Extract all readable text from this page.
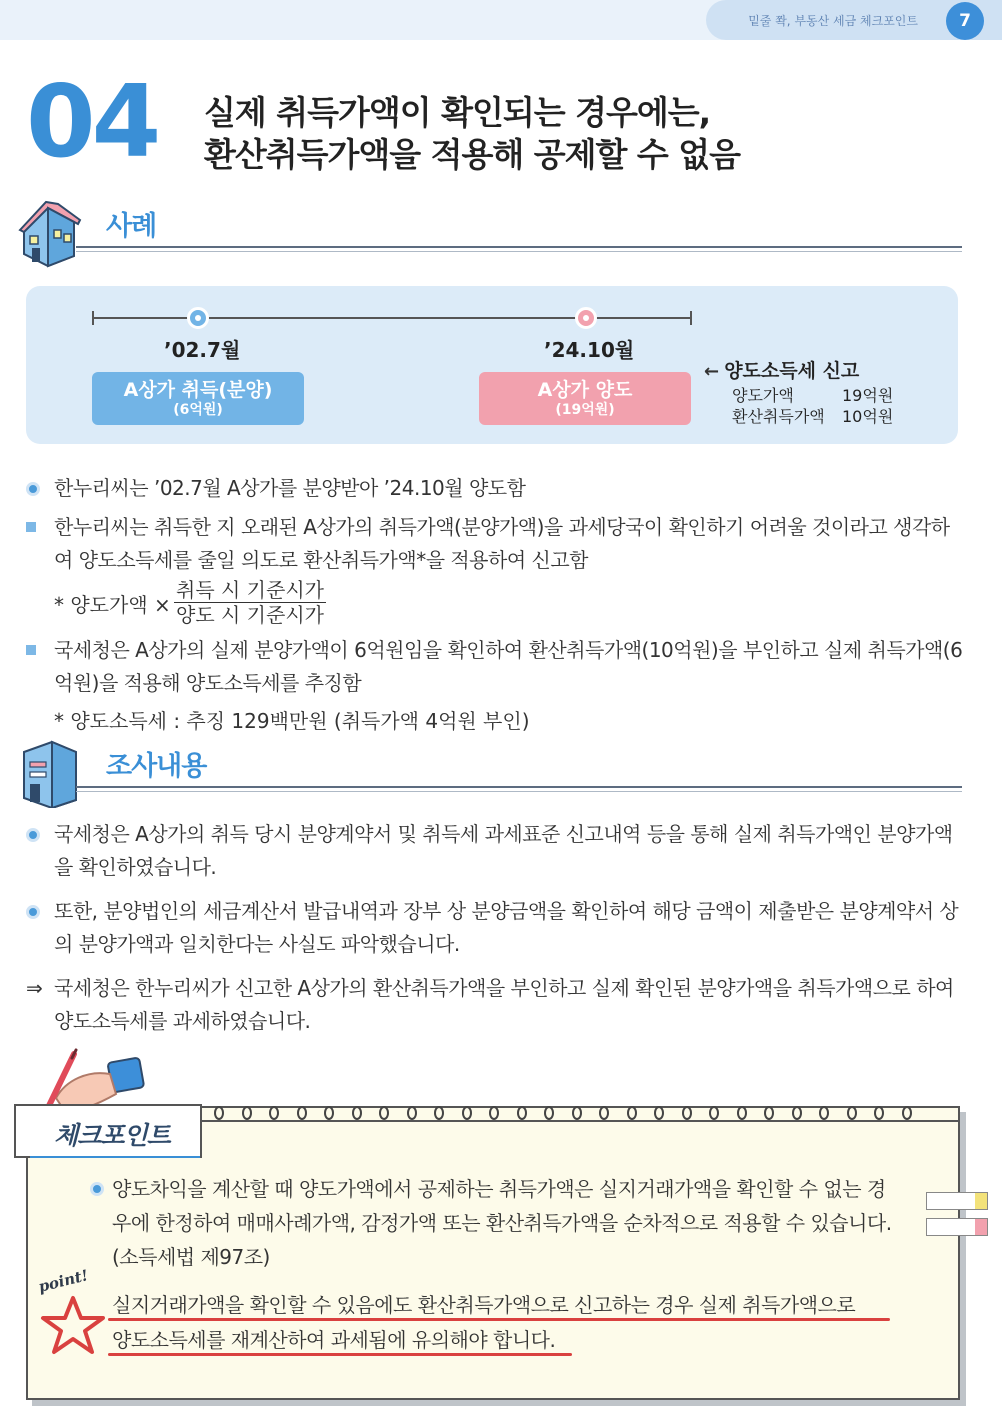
밑줄 쫙, 부동산 세금 체크포인트	7
04 실제 취득가액이 확인되는 경우에는,
환산취득가액을 적용해 공제할 수 없음
사례
’02.7월	’24.10월
A상가 취득(분양)
(6억원)
A상가 양도
(19억원)
← 양도소득세 신고
양도가액	19억원
환산취득가액 10억원
한누리씨는 ’02.7월 A상가를 분양받아 ’24.10월 양도함
한누리씨는 취득한 지 오래된 A상가의 취득가액(분양가액)을 과세당국이 확인하기 어려울 것이라고 생각하여 양도소득세를 줄일 의도로 환산취득가액*을 적용하여 신고함
* 양도가액 ×
취득 시 기준시가
양도 시 기준시가
국세청은 A상가의 실제 분양가액이 6억원임을 확인하여 환산취득가액(10억원)을 부인하고 실제 취득가액(6억원)을 적용해 양도소득세를 추징함
* 양도소득세 : 추징 129백만원 (취득가액 4억원 부인)
조사내용
국세청은 A상가의 취득 당시 분양계약서 및 취득세 과세표준 신고내역 등을 통해 실제 취득가액인 분양가액을 확인하였습니다.
또한, 분양법인의 세금계산서 발급내역과 장부 상 분양금액을 확인하여 해당 금액이 제출받은 분양계약서 상의 분양가액과 일치한다는 사실도 파악했습니다.
⇒ 국세청은 한누리씨가 신고한 A상가의 환산취득가액을 부인하고 실제 확인된 분양가액을 취득가액으로 하여 양도소득세를 과세하였습니다.
체크포인트
양도차익을 계산할 때 양도가액에서 공제하는 취득가액은 실지거래가액을 확인할 수 없는 경우에 한정하여 매매사례가액, 감정가액 또는 환산취득가액을 순차적으로 적용할 수 있습니다. (소득세법 제97조)
point!
실지거래가액을 확인할 수 있음에도 환산취득가액으로 신고하는 경우 실제 취득가액으로
양도소득세를 재계산하여 과세됨에 유의해야 합니다.
